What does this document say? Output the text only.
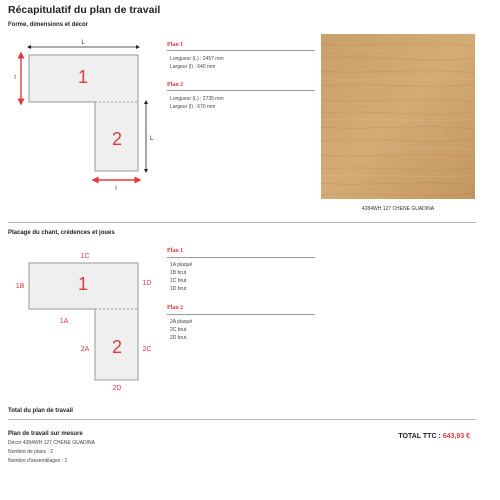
Récapitulatif du plan de travail
Forme, dimensions et décor
L
l
L
l
1
2
Plan 1
Longueur (L) : 2457 mm
Largeur (l) : 640 mm
Plan 2
Longueur (L) : 2735 mm
Largeur (l) : 670 mm
4284WH 127 CHENE GUADINA
Placage du chant, crédences et joues
1
2
1C
1B	1D
1A
2A	2C
2D
Plan 1
1A plaqué
1B brut
1C brut
1D brut
Plan 2
2A plaqué
2C brut
2D brut
Total du plan de travail
Plan de travail sur mesure
Décor 4284WH 127 CHENE GUADINA
Nombre de plans : 2
Nombre d'assemblages : 1
TOTAL TTC : 643,93 €
